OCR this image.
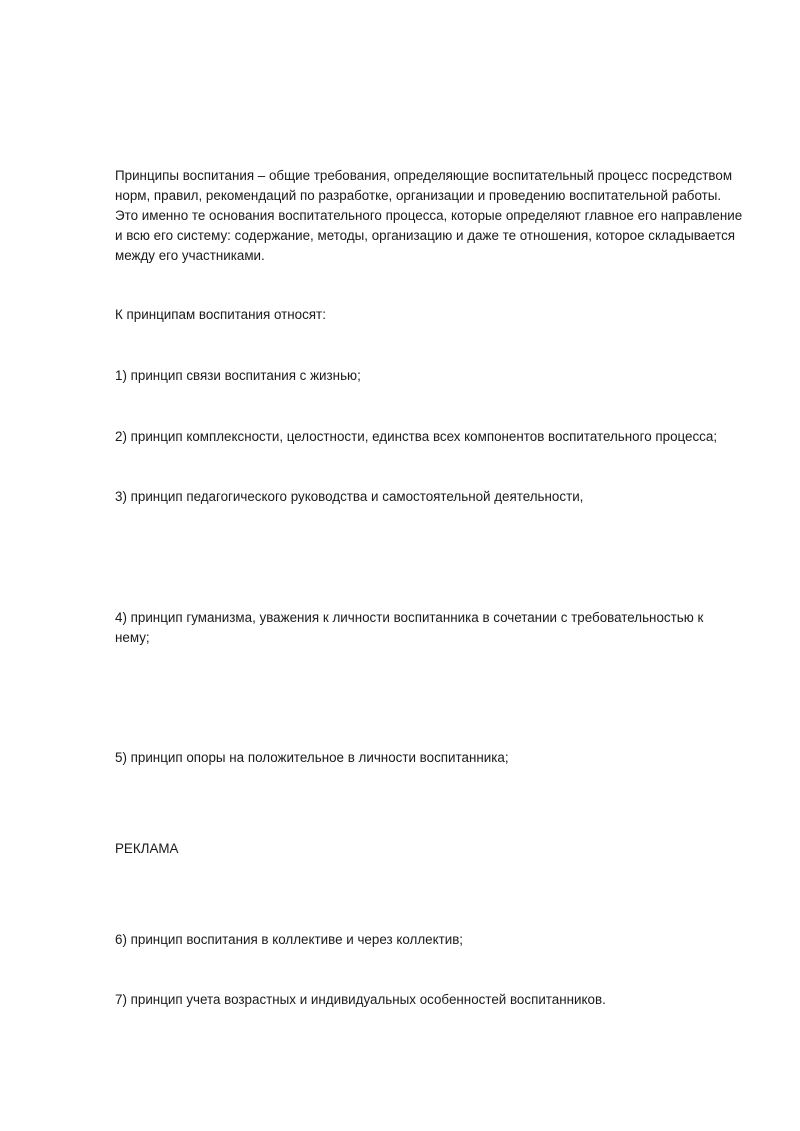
Принципы воспитания – общие требования, определяющие воспитательный процесс посредством норм, правил, рекомендаций по разработке, организации и проведению воспитательной работы. Это именно те основания воспитательного процесса, которые определяют главное его направление и всю его систему: содержание, методы, организацию и даже те отношения, которое складывается между его участниками.

К принципам воспитания относят:

1) принцип связи воспитания с жизнью;

2) принцип комплексности, целостности, единства всех компонентов воспитательного процесса;

3) принцип педагогического руководства и самостоятельной деятельности,

4) принцип гуманизма, уважения к личности воспитанника в сочетании с требовательностью к нему;

5) принцип опоры на положительное в личности воспитанника;

РЕКЛАМА

6) принцип воспитания в коллективе и через коллектив;

7) принцип учета возрастных и индивидуальных особенностей воспитанников.
